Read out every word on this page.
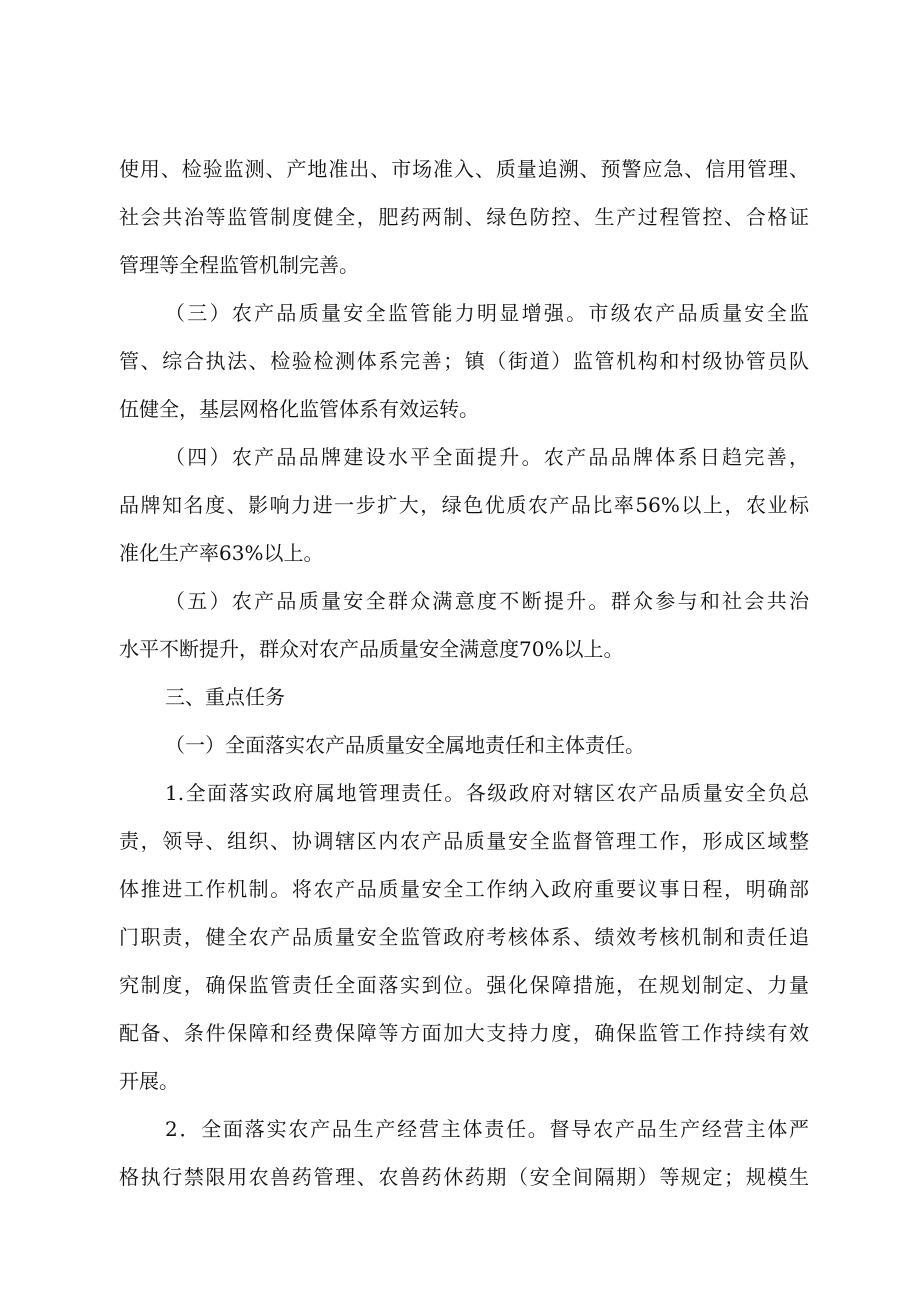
使用、检验监测、产地准出、市场准入、质量追溯、预警应急、信用管理、
社会共治等监管制度健全，肥药两制、绿色防控、生产过程管控、合格证
管理等全程监管机制完善。
（三）农产品质量安全监管能力明显增强。市级农产品质量安全监
管、综合执法、检验检测体系完善；镇（街道）监管机构和村级协管员队
伍健全，基层网格化监管体系有效运转。
（四）农产品品牌建设水平全面提升。农产品品牌体系日趋完善，
品牌知名度、影响力进一步扩大，绿色优质农产品比率56%以上，农业标
准化生产率63%以上。
（五）农产品质量安全群众满意度不断提升。群众参与和社会共治
水平不断提升，群众对农产品质量安全满意度70%以上。
三、重点任务
（一）全面落实农产品质量安全属地责任和主体责任。
1.全面落实政府属地管理责任。各级政府对辖区农产品质量安全负总
责，领导、组织、协调辖区内农产品质量安全监督管理工作，形成区域整
体推进工作机制。将农产品质量安全工作纳入政府重要议事日程，明确部
门职责，健全农产品质量安全监管政府考核体系、绩效考核机制和责任追
究制度，确保监管责任全面落实到位。强化保障措施，在规划制定、力量
配备、条件保障和经费保障等方面加大支持力度，确保监管工作持续有效
开展。
2．全面落实农产品生产经营主体责任。督导农产品生产经营主体严
格执行禁限用农兽药管理、农兽药休药期（安全间隔期）等规定；规模生
